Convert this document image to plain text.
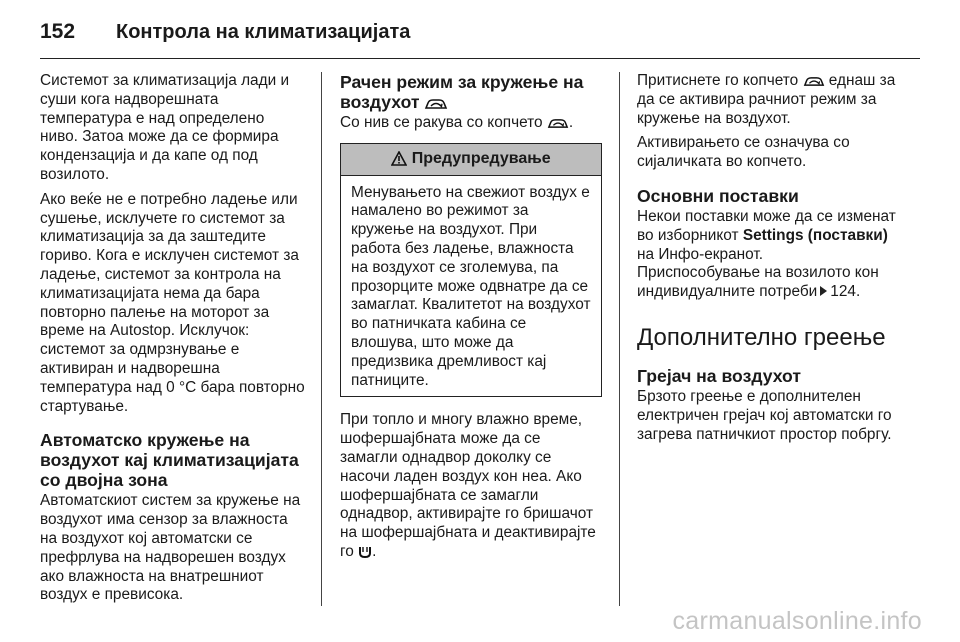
152	Контрола на климатизацијата

Системот за климатизација лади и суши кога надворешната температура е над определено ниво. Затоа може да се формира кондензација и да капе од под возилото.

Ако веќе не е потребно ладење или сушење, исклучете го системот за климатизација за да заштедите гориво. Кога е исклучен системот за ладење, системот за контрола на климатизацијата нема да бара повторно палење на моторот за време на Autostop. Исклучок: системот за одмрзнување е активиран и надворешна температура над 0 °C бара повторно стартување.

Автоматско кружење на воздухот кај климатизацијата со двојна зона

Автоматскиот систем за кружење на воздухот има сензор за влажноста на воздухот кој автоматски се префрлува на надворешен воздух ако влажноста на внатрешниот воздух е превисока.

Рачен режим за кружење на воздухот

Со нив се ракува со копчето .

Предупредување
Менувањето на свежиот воздух е намалено во режимот за кружење на воздухот. При работа без ладење, влажноста на воздухот се зголемува, па прозорците може одвнатре да се замаглат. Квалитетот на воздухот во патничката кабина се влошува, што може да предизвика дремливост кај патниците.

При топло и многу влажно време, шофершајбната може да се замагли однадвор доколку се насочи ладен воздух кон неа. Ако шофершајбната се замагли однадвор, активирајте го бришачот на шофершајбната и деактивирајте го .

Притиснете го копчето еднаш за да се активира рачниот режим за кружење на воздухот.

Активирањето се означува со сијаличката во копчето.

Основни поставки

Некои поставки може да се изменат во изборникот Settings (поставки) на Инфо-екранот.

Приспособување на возилото кон индивидуалните потреби 124.

Дополнително греење
Грејач на воздухот

Брзото греење е дополнителен електричен грејач кој автоматски го загрева патничкиот простор побргу.

carmanualsonline.info
